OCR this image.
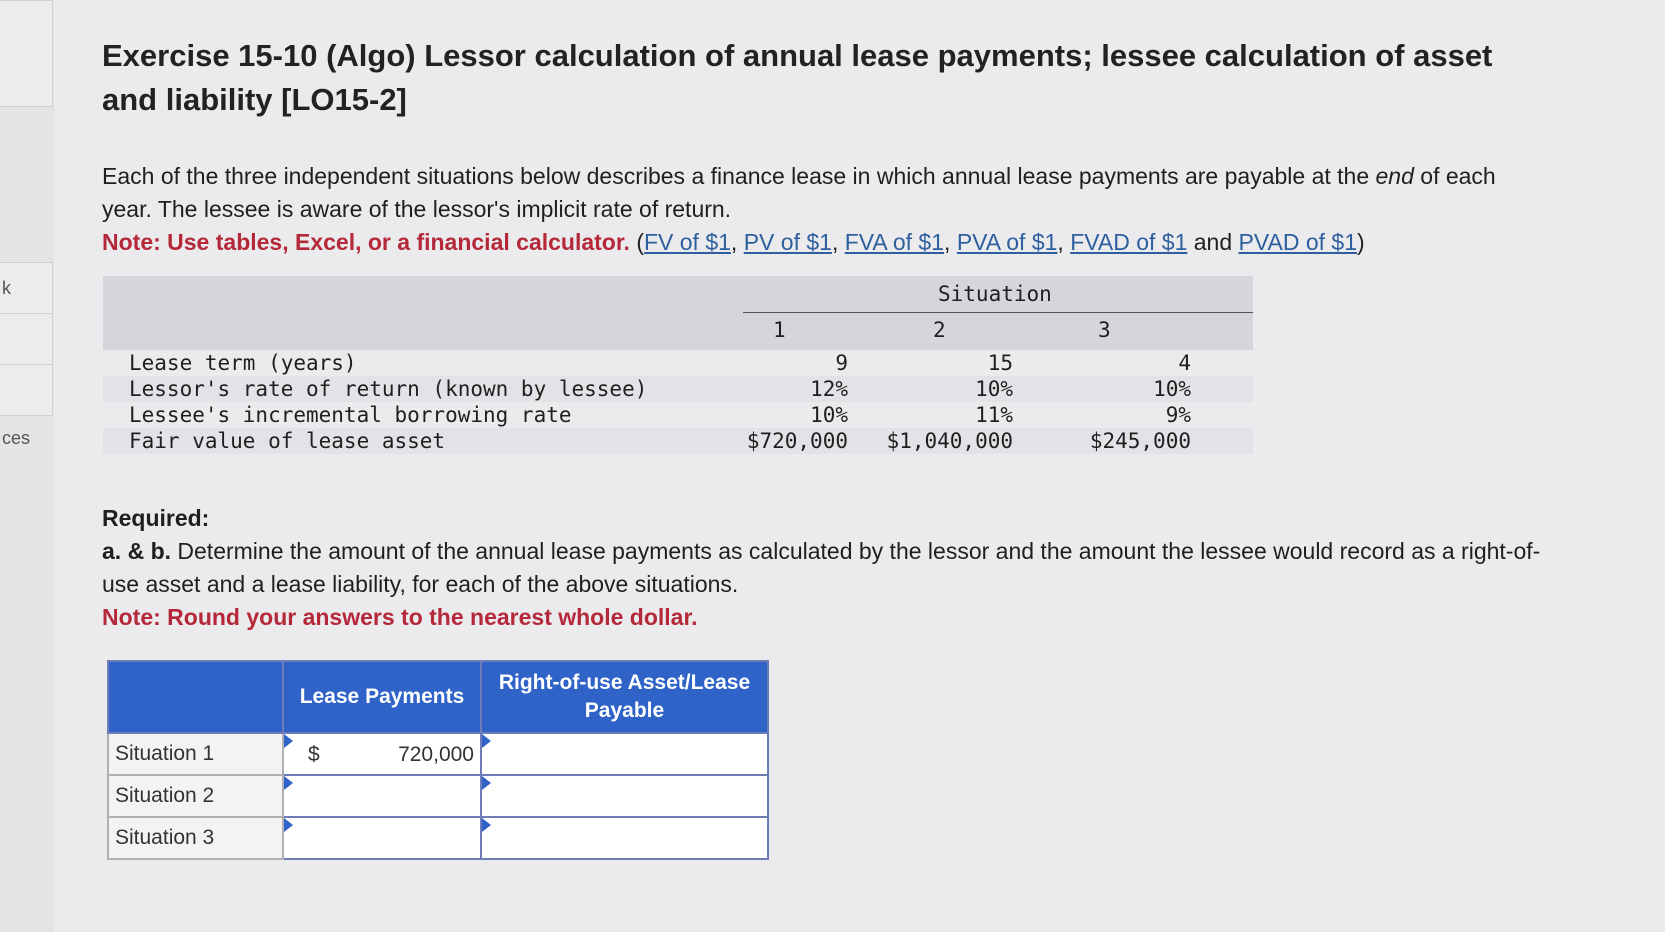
k
ces
Exercise 15-10 (Algo) Lessor calculation of annual lease payments; lessee calculation of asset and liability [LO15-2]
Each of the three independent situations below describes a finance lease in which annual lease payments are payable at the end of each year. The lessee is aware of the lessor's implicit rate of return.
Note: Use tables, Excel, or a financial calculator. (FV of $1, PV of $1, FVA of $1, PVA of $1, FVAD of $1 and PVAD of $1)
Situation
1	2	3
Lease term (years)	9	15	4
Lessor's rate of return (known by lessee)	12%	10%	10%
Lessee's incremental borrowing rate	10%	11%	9%
Fair value of lease asset	$720,000 $1,040,000	$245,000
Required:
a. & b. Determine the amount of the annual lease payments as calculated by the lessor and the amount the lessee would record as a right-of-use asset and a lease liability, for each of the above situations.
Note: Round your answers to the nearest whole dollar.
	Lease Payments	Right-of-use Asset/Lease Payable
Situation 1	$ 720,000	

Situation 2	

Situation 3	
